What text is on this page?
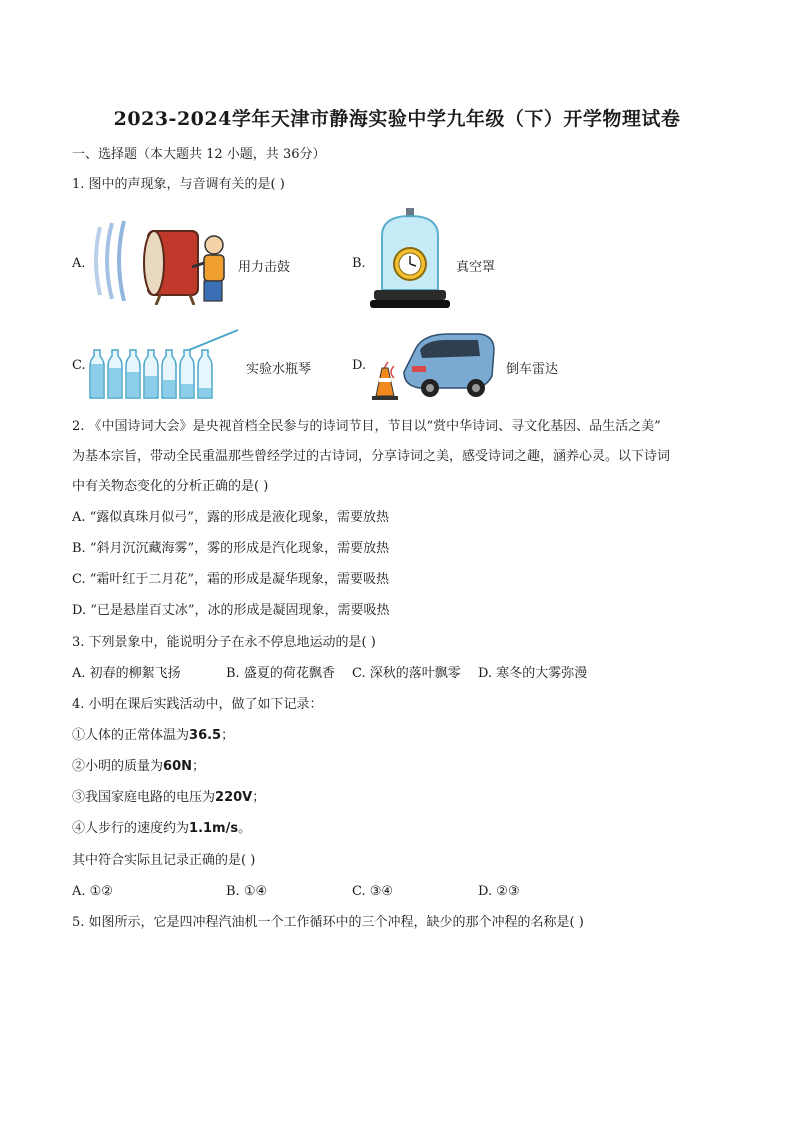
2023-2024学年天津市静海实验中学九年级（下）开学物理试卷
一、选择题（本大题共 12 小题，共 36分）
1. 图中的声现象，与音调有关的是( )
A.	用力击鼓	B.	真空罩
C.	实验水瓶琴	D.	倒车雷达
2. 《中国诗词大会》是央视首档全民参与的诗词节目，节目以“赏中华诗词、寻文化基因、品生活之美”
为基本宗旨，带动全民重温那些曾经学过的古诗词，分享诗词之美，感受诗词之趣，涵养心灵。以下诗词
中有关物态变化的分析正确的是( )
A. “露似真珠月似弓”，露的形成是液化现象，需要放热
B. “斜月沉沉藏海雾”，雾的形成是汽化现象，需要放热
C. “霜叶红于二月花”，霜的形成是凝华现象，需要吸热
D. “已是悬崖百丈冰”，冰的形成是凝固现象，需要吸热
3. 下列景象中，能说明分子在永不停息地运动的是( )
A. 初春的柳絮飞扬	B. 盛夏的荷花飘香 C. 深秋的落叶飘零 D. 寒冬的大雾弥漫
4. 小明在课后实践活动中，做了如下记录：
①人体的正常体温为36.5；
②小明的质量为60N；
③我国家庭电路的电压为220V；
④人步行的速度约为1.1m/s。
其中符合实际且记录正确的是( )
A. ①②	B. ①④	C. ③④	D. ②③
5. 如图所示，它是四冲程汽油机一个工作循环中的三个冲程，缺少的那个冲程的名称是( )
